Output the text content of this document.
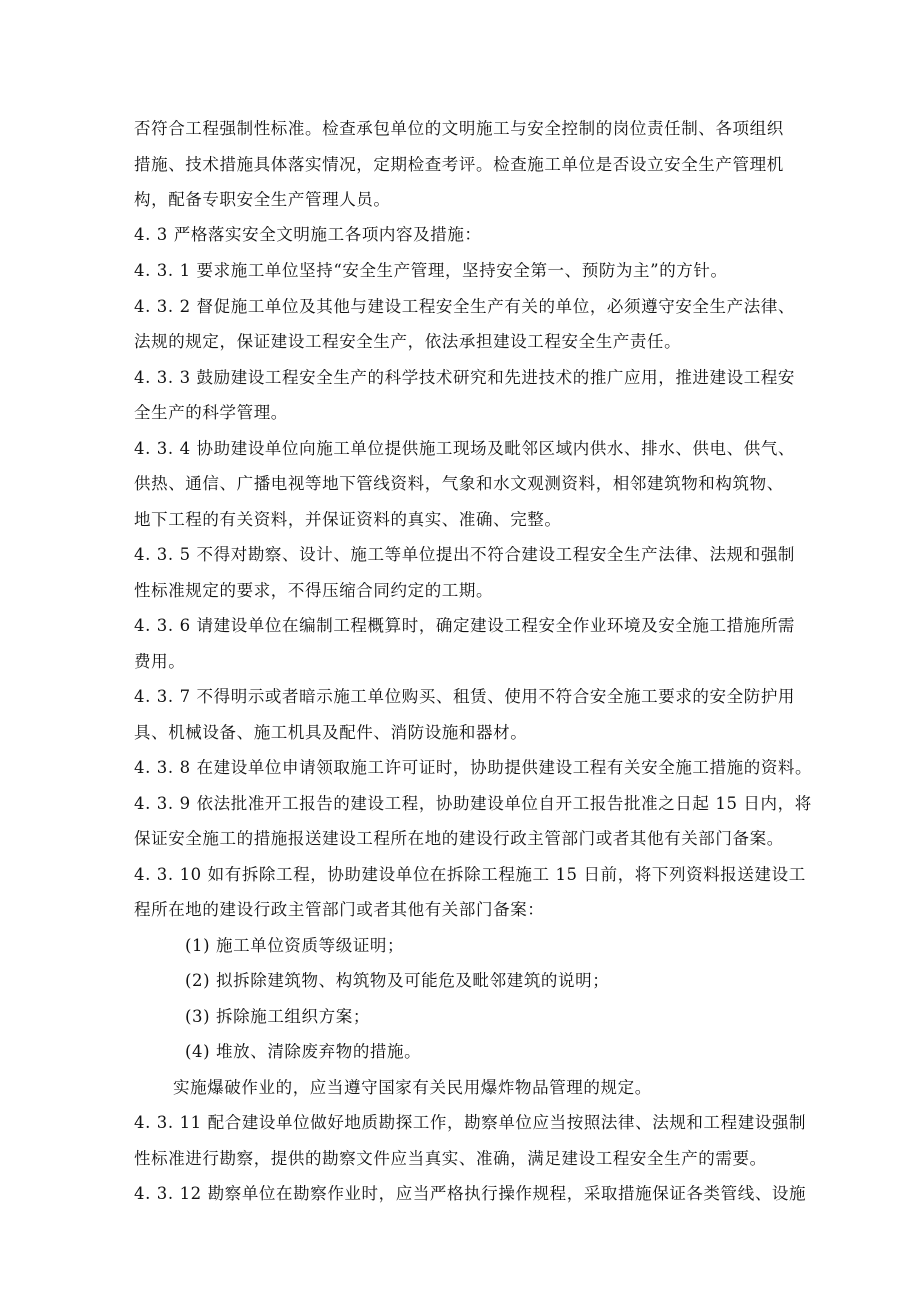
否符合工程强制性标准。检查承包单位的文明施工与安全控制的岗位责任制、各项组织
措施、技术措施具体落实情况，定期检查考评。检查施工单位是否设立安全生产管理机
构，配备专职安全生产管理人员。
4. 3 严格落实安全文明施工各项内容及措施：
4. 3. 1 要求施工单位坚持“安全生产管理，坚持安全第一、预防为主”的方针。
4. 3. 2 督促施工单位及其他与建设工程安全生产有关的单位，必须遵守安全生产法律、
法规的规定，保证建设工程安全生产，依法承担建设工程安全生产责任。
4. 3. 3 鼓励建设工程安全生产的科学技术研究和先进技术的推广应用，推进建设工程安
全生产的科学管理。
4. 3. 4 协助建设单位向施工单位提供施工现场及毗邻区域内供水、排水、供电、供气、
供热、通信、广播电视等地下管线资料，气象和水文观测资料，相邻建筑物和构筑物、
地下工程的有关资料，并保证资料的真实、准确、完整。
4. 3. 5 不得对勘察、设计、施工等单位提出不符合建设工程安全生产法律、法规和强制
性标准规定的要求，不得压缩合同约定的工期。
4. 3. 6 请建设单位在编制工程概算时，确定建设工程安全作业环境及安全施工措施所需
费用。
4. 3. 7 不得明示或者暗示施工单位购买、租赁、使用不符合安全施工要求的安全防护用
具、机械设备、施工机具及配件、消防设施和器材。
4. 3. 8 在建设单位申请领取施工许可证时，协助提供建设工程有关安全施工措施的资料。
4. 3. 9 依法批准开工报告的建设工程，协助建设单位自开工报告批准之日起 15 日内，将
保证安全施工的措施报送建设工程所在地的建设行政主管部门或者其他有关部门备案。
4. 3. 10 如有拆除工程，协助建设单位在拆除工程施工 15 日前，将下列资料报送建设工
程所在地的建设行政主管部门或者其他有关部门备案：
(1) 施工单位资质等级证明；
(2) 拟拆除建筑物、构筑物及可能危及毗邻建筑的说明；
(3) 拆除施工组织方案；
(4) 堆放、清除废弃物的措施。
实施爆破作业的，应当遵守国家有关民用爆炸物品管理的规定。
4. 3. 11 配合建设单位做好地质勘探工作，勘察单位应当按照法律、法规和工程建设强制
性标准进行勘察，提供的勘察文件应当真实、准确，满足建设工程安全生产的需要。
4. 3. 12 勘察单位在勘察作业时，应当严格执行操作规程，采取措施保证各类管线、设施
